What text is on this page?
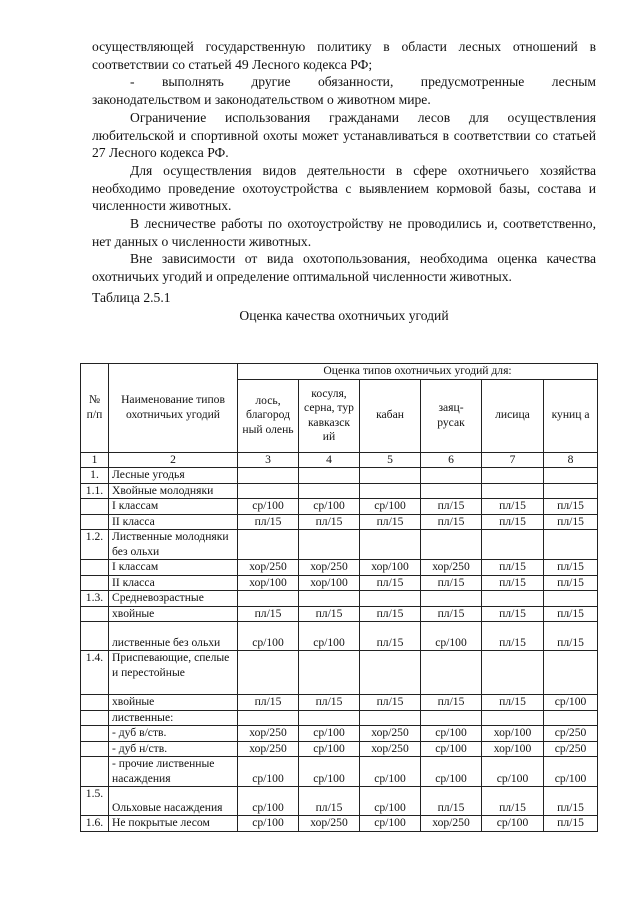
осуществляющей государственную политику в области лесных отношений в соответствии со статьей 49 Лесного кодекса РФ;

- выполнять другие обязанности, предусмотренные лесным

законодательством и законодательством о животном мире.

Ограничение использования гражданами лесов для осуществления любительской и спортивной охоты может устанавливаться в соответствии со статьей 27 Лесного кодекса РФ.

Для осуществления видов деятельности в сфере охотничьего хозяйства необходимо проведение охотоустройства с выявлением кормовой базы, состава и численности животных.

В лесничестве работы по охотоустройству не проводились и, соответственно, нет данных о численности животных.

Вне зависимости от вида охотопользования, необходима оценка качества охотничьих угодий и определение оптимальной численности животных.

Таблица 2.5.1

Оценка качества охотничьих угодий

№ п/п	Наименование типов охотничьих угодий	Оценка типов охотничьих угодий для:					
		лось, благород ный олень	косуля, серна, тур кавказск ий	кабан	заяц- русак	лисица	куниц а
1	2	3	4	5	6	7	8
1.	Лесные угодья						
1.1.	Хвойные молодняки						
	I классам	ср/100	ср/100	ср/100	пл/15	пл/15	пл/15
	II класса	пл/15	пл/15	пл/15	пл/15	пл/15	пл/15
1.2.	Лиственные молодняки без ольхи						
	I классам	хор/250	хор/250	хор/100	хор/250	пл/15	пл/15
	II класса	хор/100	хор/100	пл/15	пл/15	пл/15	пл/15
1.3.	Средневозрастные						
	хвойные	пл/15	пл/15	пл/15	пл/15	пл/15	пл/15
	лиственные без ольхи	ср/100	ср/100	пл/15	ср/100	пл/15	пл/15
1.4.	Приспевающие, спелые и перестойные						
	хвойные	пл/15	пл/15	пл/15	пл/15	пл/15	ср/100
	лиственные:						
	- дуб в/ств.	хор/250	ср/100	хор/250	ср/100	хор/100	ср/250
	- дуб н/ств.	хор/250	ср/100	хор/250	ср/100	хор/100	ср/250
	- прочие лиственные насаждения	ср/100	ср/100	ср/100	ср/100	ср/100	ср/100
1.5.	Ольховые насаждения	ср/100	пл/15	ср/100	пл/15	пл/15	пл/15
1.6.	Не покрытые лесом	ср/100	хор/250	ср/100	хор/250	ср/100	пл/15
